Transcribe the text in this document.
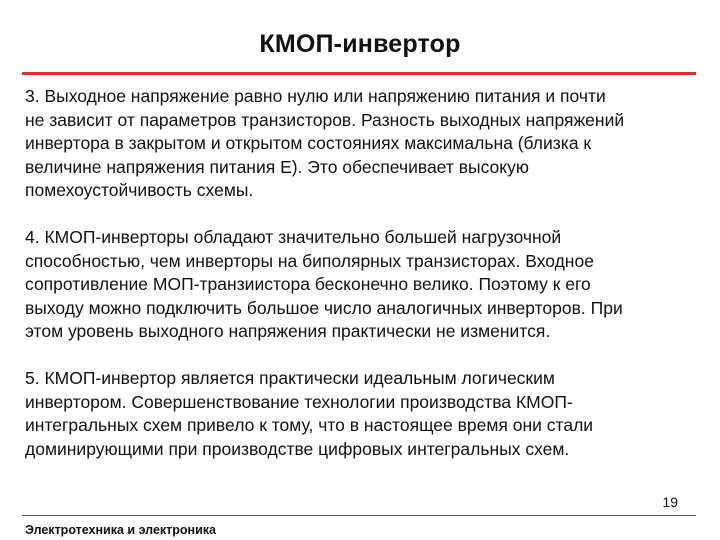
КМОП-инвертор

3. Выходное напряжение равно нулю или напряжению питания и почти
не зависит от параметров транзисторов. Разность выходных напряжений
инвертора в закрытом и открытом состояниях максимальна (близка к
величине напряжения питания Е). Это обеспечивает высокую
помехоустойчивость схемы.

4. КМОП-инверторы обладают значительно большей нагрузочной
способностью, чем инверторы на биполярных транзисторах. Входное
сопротивление МОП-транзиистора бесконечно велико. Поэтому к его
выходу можно подключить большое число аналогичных инверторов. При
этом уровень выходного напряжения практически не изменится.

5. КМОП-инвертор является практически идеальным логическим
инвертором. Совершенствование технологии производства КМОП-
интегральных схем привело к тому, что в настоящее время они стали
доминирующими при производстве цифровых интегральных схем.

19
Электротехника и электроника
